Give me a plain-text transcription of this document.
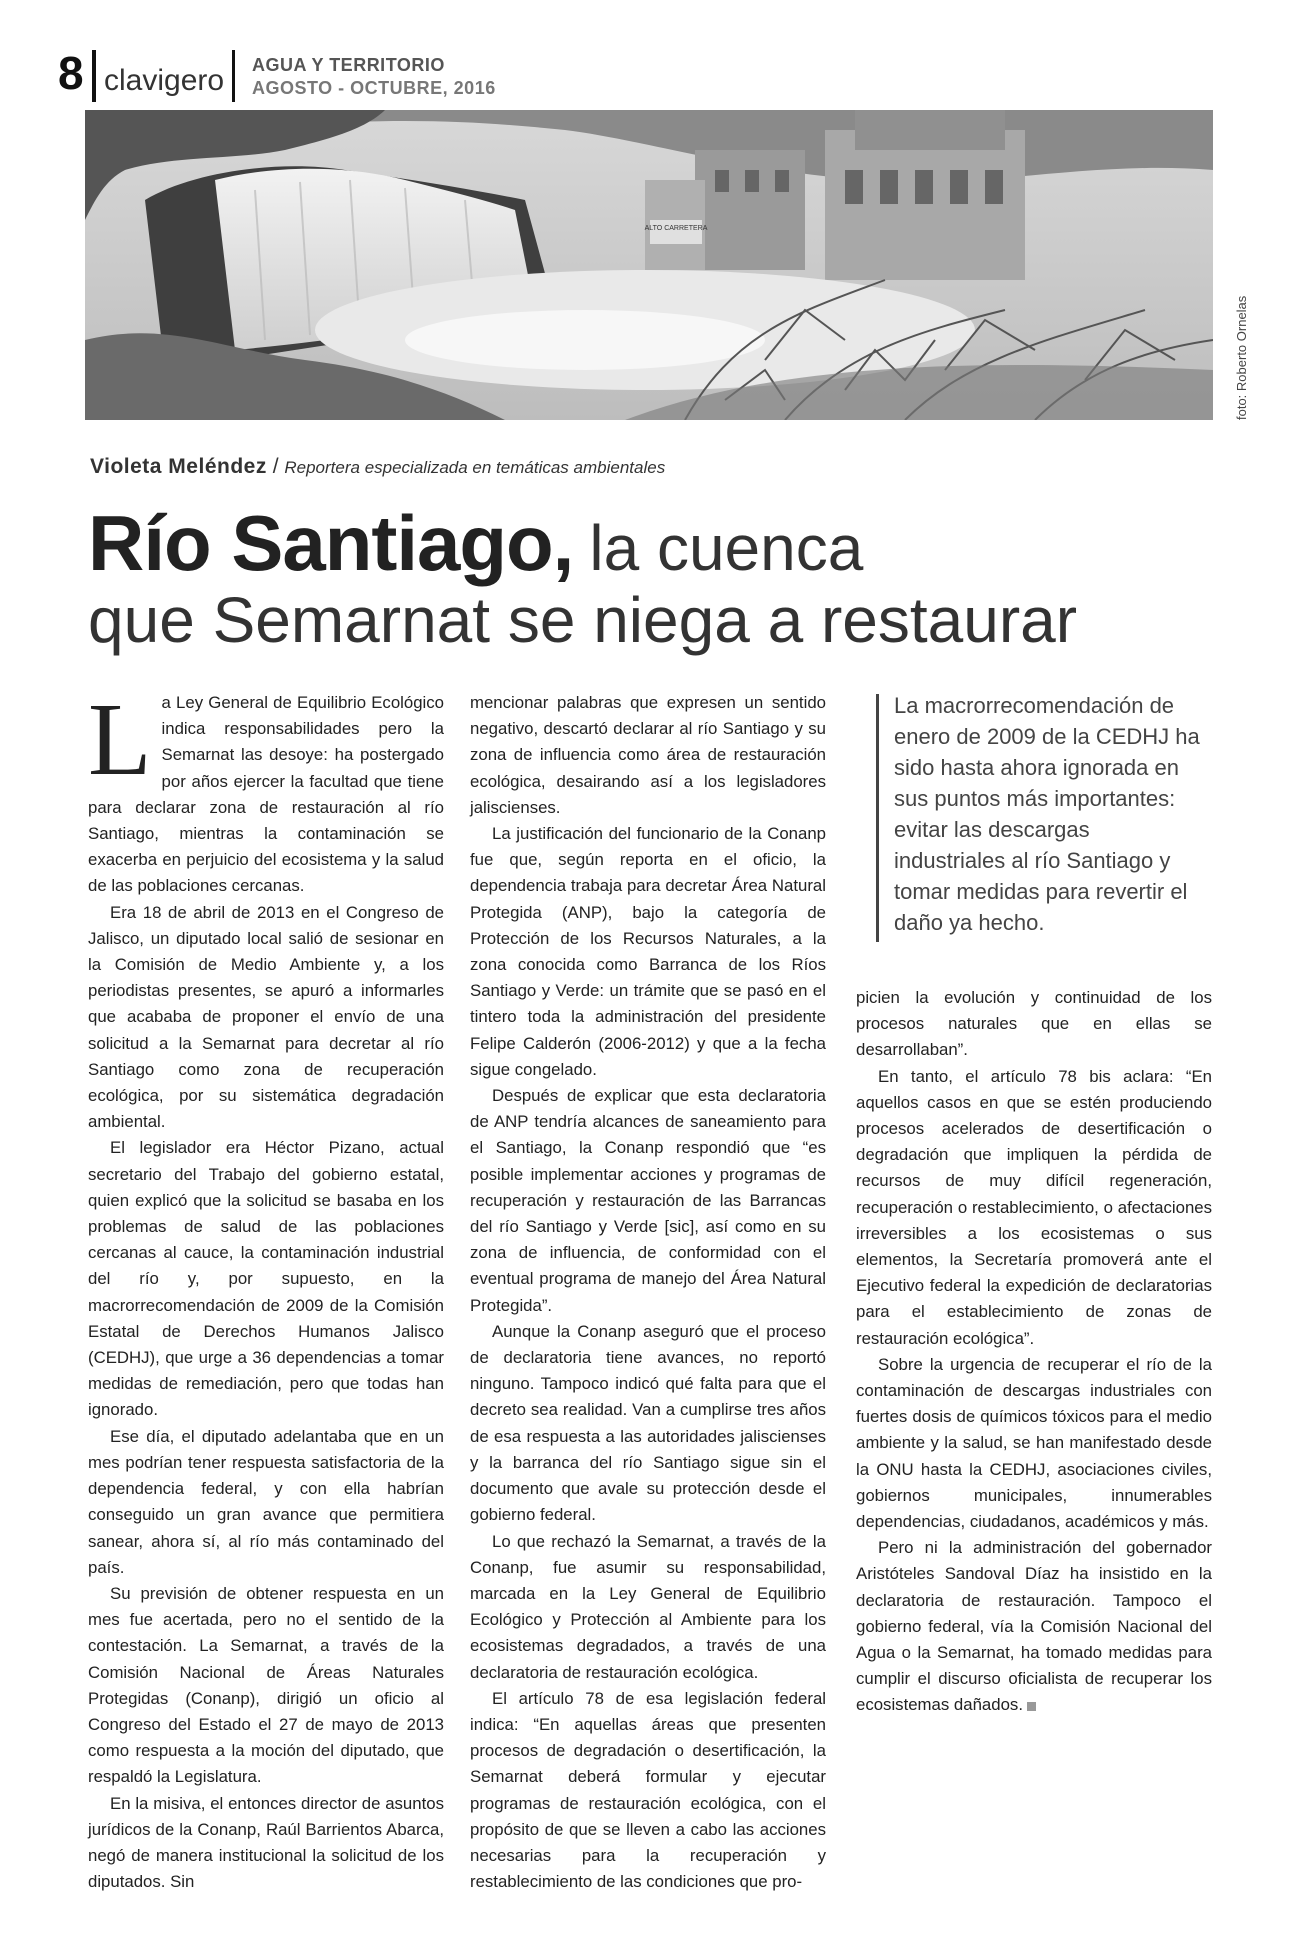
8 clavigero AGUA Y TERRITORIO
AGOSTO - OCTUBRE, 2016
ALTO CARRETERA
foto: Roberto Ornelas
Violeta Meléndez / Reportera especializada en temáticas ambientales
Río Santiago, la cuenca
que Semarnat se niega a restaurar
La macrorrecomendación de enero de 2009 de la CEDHJ ha sido hasta ahora ignorada en sus puntos más importantes: evitar las descargas industriales al río Santiago y tomar medidas para revertir el daño ya hecho.

La Ley General de Equilibrio Ecológico indica responsabilidades pero la Semarnat las desoye: ha postergado por años ejercer la facultad que tiene para declarar zona de restauración al río Santiago, mientras la contaminación se exacerba en perjuicio del ecosistema y la salud de las poblaciones cercanas.

Era 18 de abril de 2013 en el Congreso de Jalisco, un diputado local salió de sesionar en la Comisión de Medio Ambiente y, a los periodistas presentes, se apuró a informarles que acababa de proponer el envío de una solicitud a la Semarnat para decretar al río Santiago como zona de recuperación ecológica, por su sistemática degradación ambiental.

El legislador era Héctor Pizano, actual secretario del Trabajo del gobierno estatal, quien explicó que la solicitud se basaba en los problemas de salud de las poblaciones cercanas al cauce, la contaminación industrial del río y, por supuesto, en la macrorrecomendación de 2009 de la Comisión Estatal de Derechos Humanos Jalisco (CEDHJ), que urge a 36 dependencias a tomar medidas de remediación, pero que todas han ignorado.

Ese día, el diputado adelantaba que en un mes podrían tener respuesta satisfactoria de la dependencia federal, y con ella habrían conseguido un gran avance que permitiera sanear, ahora sí, al río más contaminado del país.

Su previsión de obtener respuesta en un mes fue acertada, pero no el sentido de la contestación. La Semarnat, a través de la Comisión Nacional de Áreas Naturales Protegidas (Conanp), dirigió un oficio al Congreso del Estado el 27 de mayo de 2013 como respuesta a la moción del diputado, que respaldó la Legislatura.

En la misiva, el entonces director de asuntos jurídicos de la Conanp, Raúl Barrientos Abarca, negó de manera institucional la solicitud de los diputados. Sin

mencionar palabras que expresen un sentido negativo, descartó declarar al río Santiago y su zona de influencia como área de restauración ecológica, desairando así a los legisladores jaliscienses.

La justificación del funcionario de la Conanp fue que, según reporta en el oficio, la dependencia trabaja para decretar Área Natural Protegida (ANP), bajo la categoría de Protección de los Recursos Naturales, a la zona conocida como Barranca de los Ríos Santiago y Verde: un trámite que se pasó en el tintero toda la administración del presidente Felipe Calderón (2006-2012) y que a la fecha sigue congelado.

Después de explicar que esta declaratoria de ANP tendría alcances de saneamiento para el Santiago, la Conanp respondió que “es posible implementar acciones y programas de recuperación y restauración de las Barrancas del río Santiago y Verde [sic], así como en su zona de influencia, de conformidad con el eventual programa de manejo del Área Natural Protegida”.

Aunque la Conanp aseguró que el proceso de declaratoria tiene avances, no reportó ninguno. Tampoco indicó qué falta para que el decreto sea realidad. Van a cumplirse tres años de esa respuesta a las autoridades jaliscienses y la barranca del río Santiago sigue sin el documento que avale su protección desde el gobierno federal.

Lo que rechazó la Semarnat, a través de la Conanp, fue asumir su responsabilidad, marcada en la Ley General de Equilibrio Ecológico y Protección al Ambiente para los ecosistemas degradados, a través de una declaratoria de restauración ecológica.

El artículo 78 de esa legislación federal indica: “En aquellas áreas que presenten procesos de degradación o desertificación, la Semarnat deberá formular y ejecutar programas de restauración ecológica, con el propósito de que se lleven a cabo las acciones necesarias para la recuperación y restablecimiento de las condiciones que pro-

picien la evolución y continuidad de los procesos naturales que en ellas se desarrollaban”.

En tanto, el artículo 78 bis aclara: “En aquellos casos en que se estén produciendo procesos acelerados de desertificación o degradación que impliquen la pérdida de recursos de muy difícil regeneración, recuperación o restablecimiento, o afectaciones irreversibles a los ecosistemas o sus elementos, la Secretaría promoverá ante el Ejecutivo federal la expedición de declaratorias para el establecimiento de zonas de restauración ecológica”.

Sobre la urgencia de recuperar el río de la contaminación de descargas industriales con fuertes dosis de químicos tóxicos para el medio ambiente y la salud, se han manifestado desde la ONU hasta la CEDHJ, asociaciones civiles, gobiernos municipales, innumerables dependencias, ciudadanos, académicos y más.

Pero ni la administración del gobernador Aristóteles Sandoval Díaz ha insistido en la declaratoria de restauración. Tampoco el gobierno federal, vía la Comisión Nacional del Agua o la Semarnat, ha tomado medidas para cumplir el discurso oficialista de recuperar los ecosistemas dañados.
